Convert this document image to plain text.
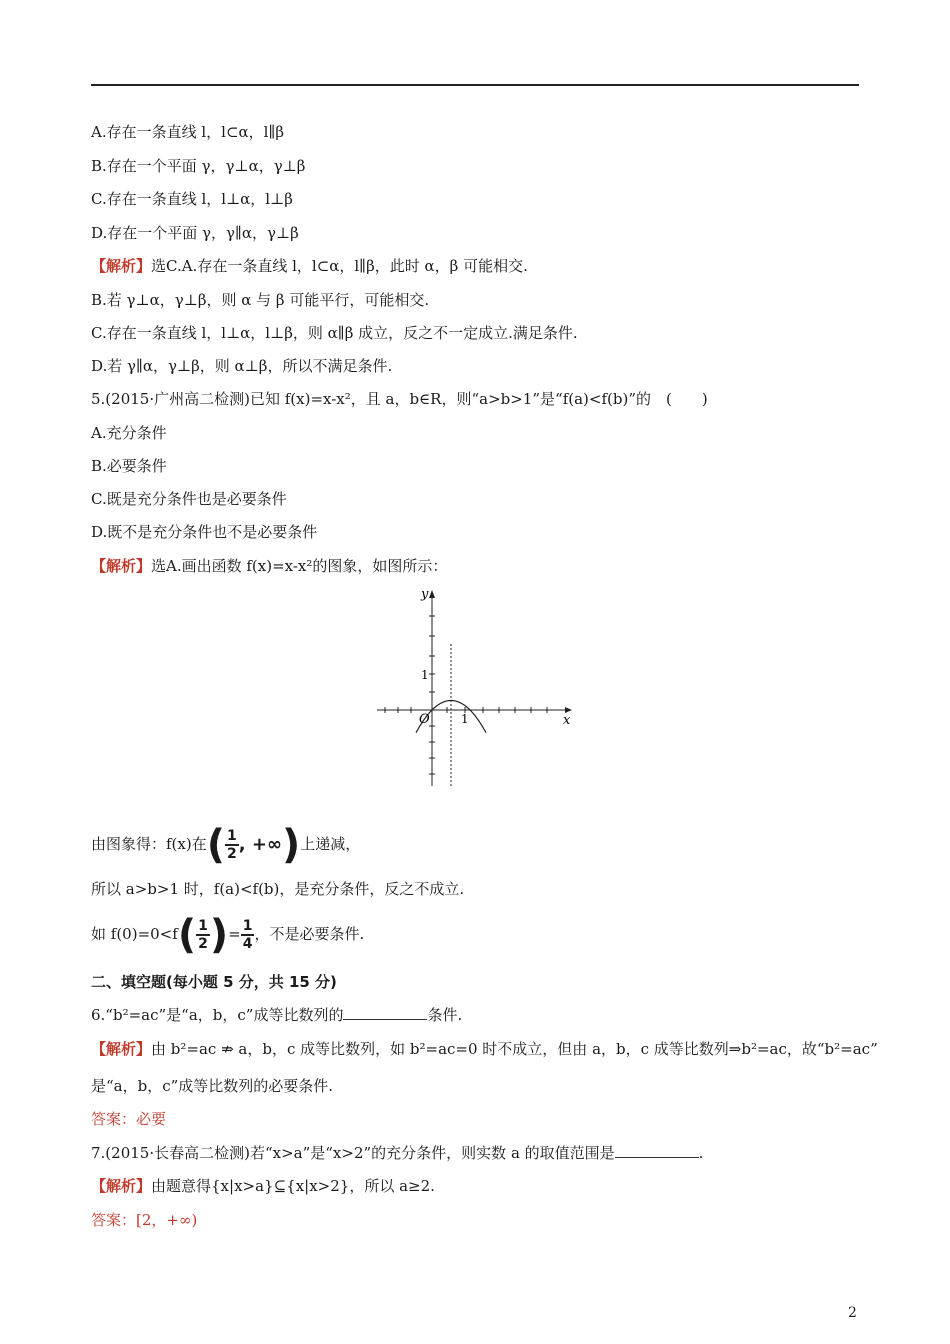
A.存在一条直线 l，l⊂α，l∥β
B.存在一个平面 γ，γ⊥α，γ⊥β
C.存在一条直线 l，l⊥α，l⊥β
D.存在一个平面 γ，γ∥α，γ⊥β
【解析】选C.A.存在一条直线 l，l⊂α，l∥β，此时 α，β 可能相交.
B.若 γ⊥α，γ⊥β，则 α 与 β 可能平行，可能相交.
C.存在一条直线 l，l⊥α，l⊥β，则 α∥β 成立，反之不一定成立.满足条件.
D.若 γ∥α，γ⊥β，则 α⊥β，所以不满足条件.
5.(2015·广州高二检测)已知 f(x)=x-x²，且 a，b∈R，则“a>b>1”是“f(a)<f(b)”的　(　　)
A.充分条件
B.必要条件
C.既是充分条件也是必要条件
D.既不是充分条件也不是必要条件
【解析】选A.画出函数 f(x)=x-x²的图象，如图所示：
y
x
O	1
1
由图象得：f(x)在( $\frac{1}{2}$ , +∞)上递减，
所以 a>b>1 时，f(a)<f(b)，是充分条件，反之不成立.
如 $f(0)=0<f( \frac{1}{2}$ )= $\frac{1}{4}$ ，不是必要条件.
二、填空题(每小题 5 分，共 15 分)
6.“b²=ac”是“a，b，c”成等比数列的	条件.
【解析】由 b²=ac ⇏ a，b，c 成等比数列，如 b²=ac=0 时不成立，但由 a，b，c 成等比数列⇒b²=ac，故“b²=ac”
是“a，b，c”成等比数列的必要条件.
答案：必要
7.(2015·长春高二检测)若“x>a”是“x>2”的充分条件，则实数 a 的取值范围是	.
【解析】由题意得{x|x>a}⊆{x|x>2}，所以 a≥2.
答案：[2，+∞)
2
